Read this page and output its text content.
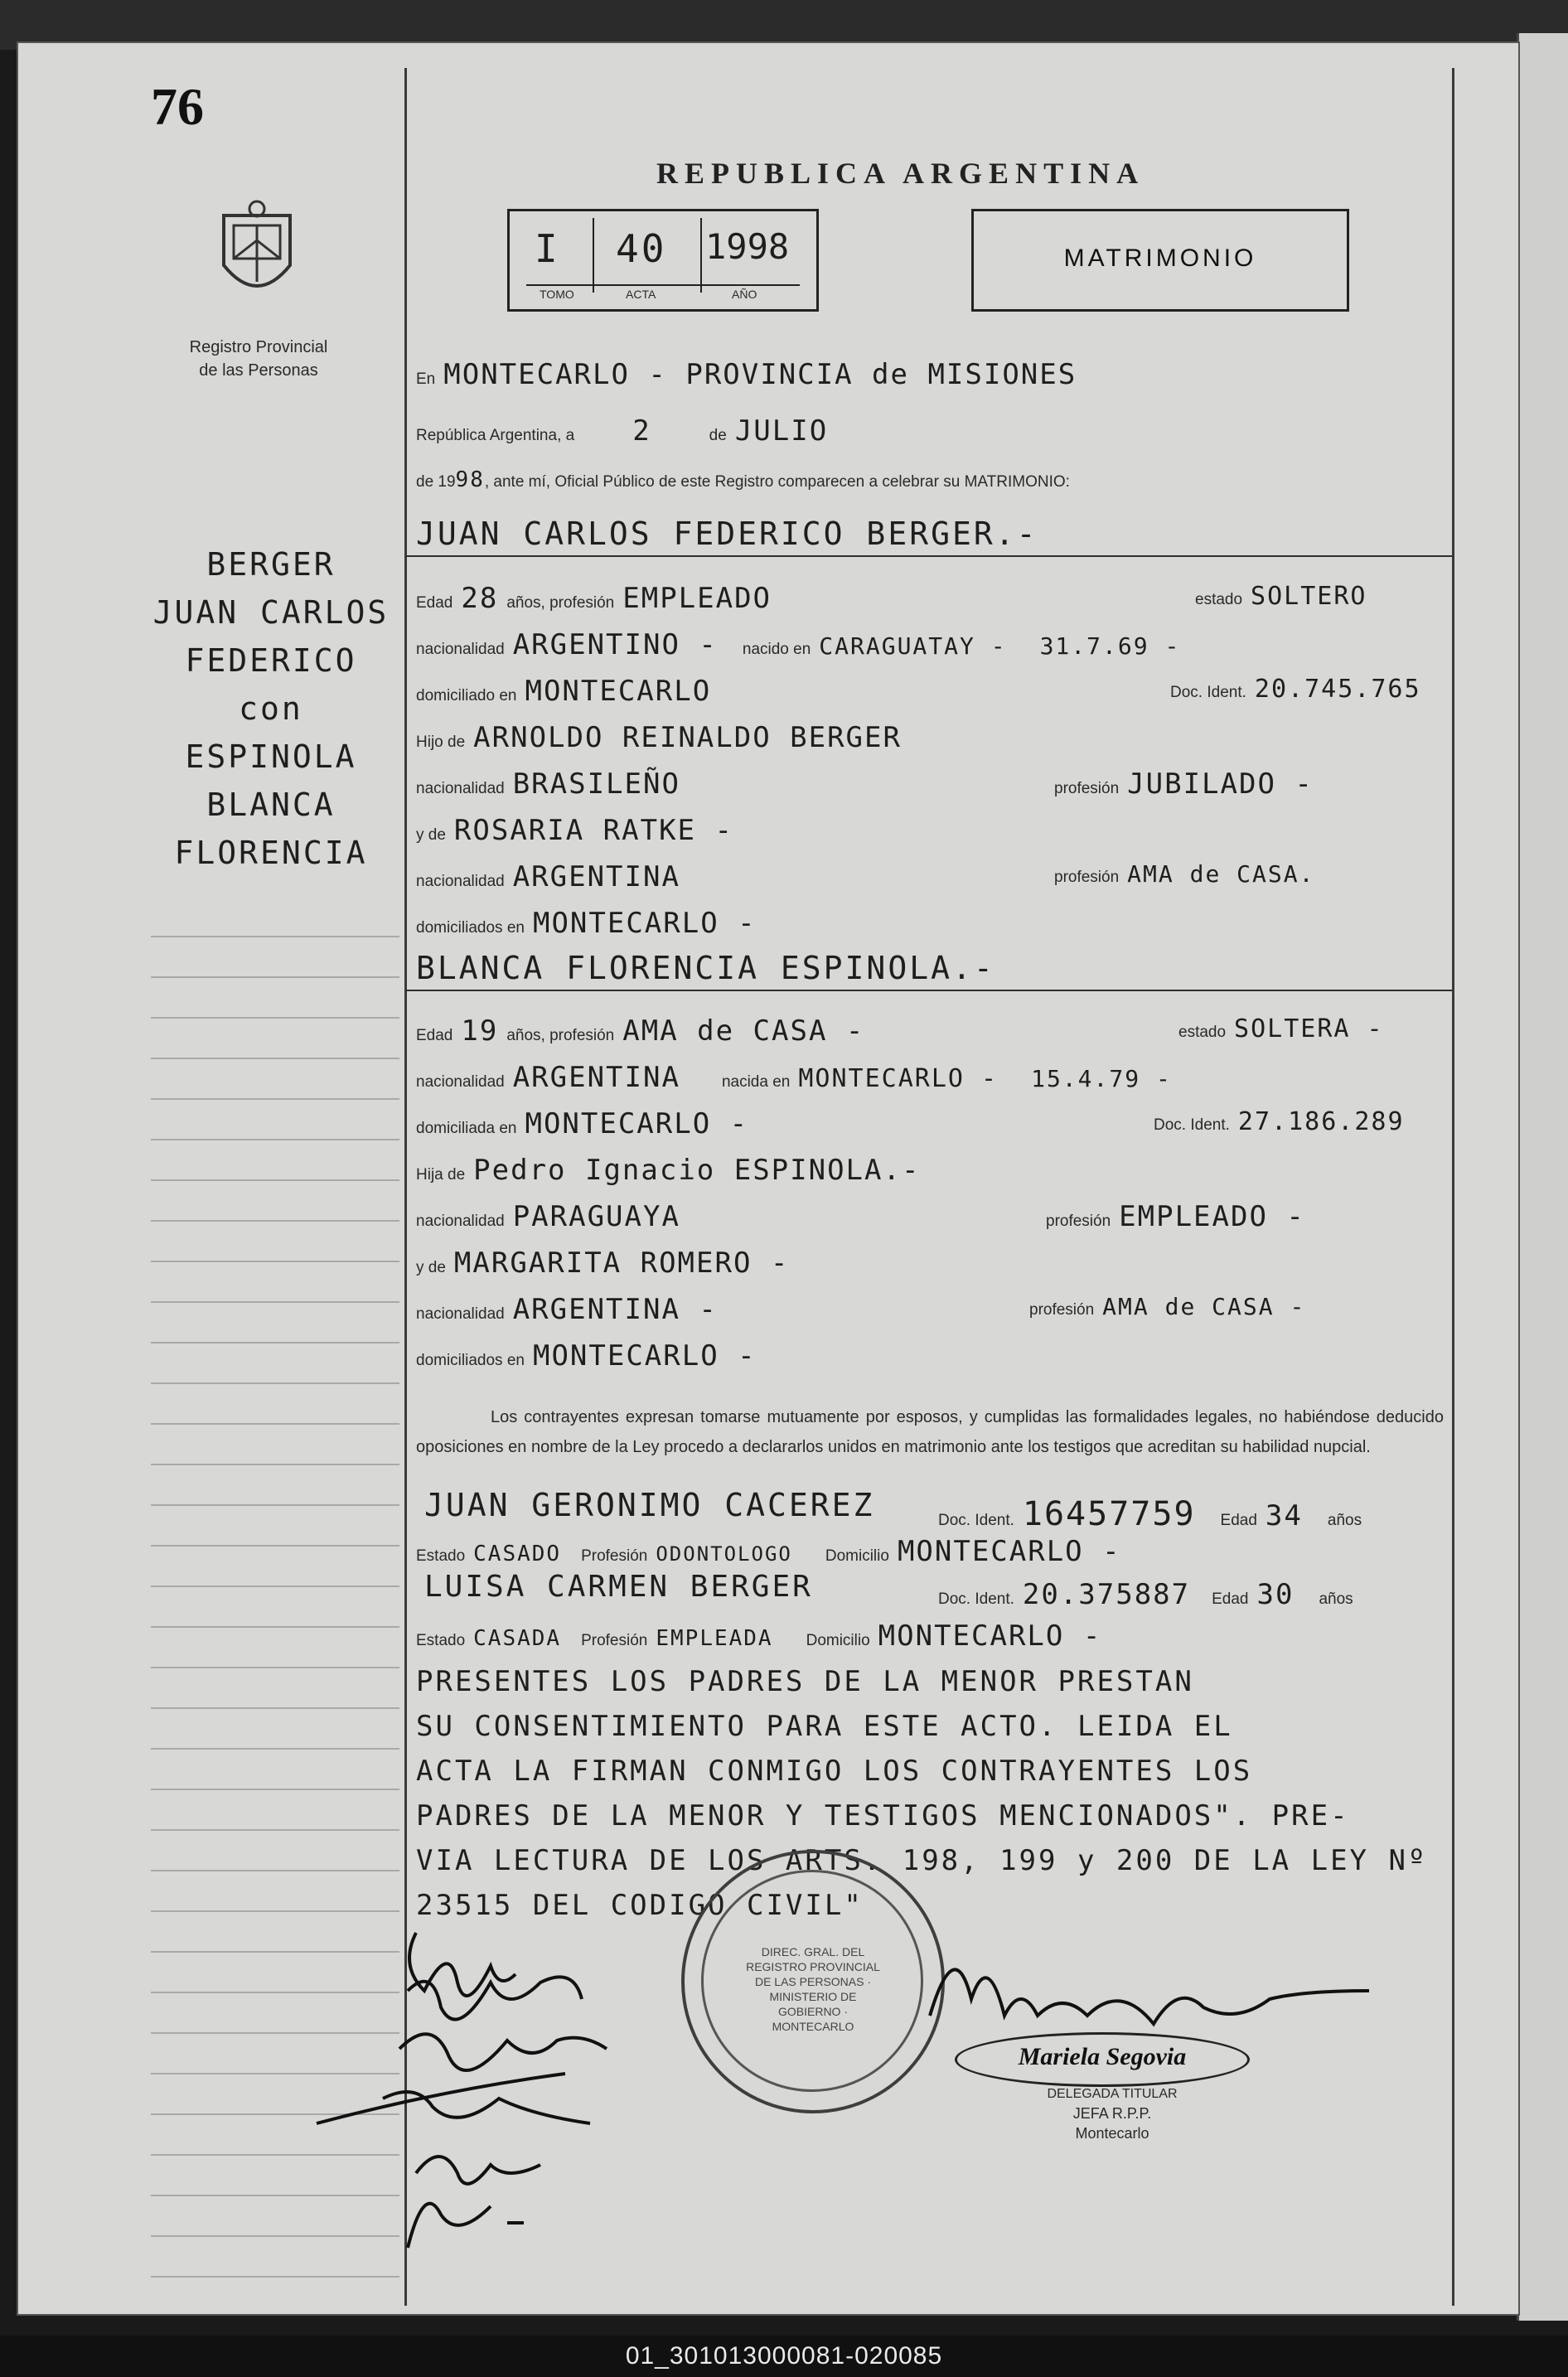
76
Registro Provincial
de las Personas
REPUBLICA ARGENTINA
I 40 1998
TOMO	ACTA	AÑO
MATRIMONIO
BERGER
JUAN CARLOS
FEDERICO
con
ESPINOLA
BLANCA
FLORENCIA
En MONTECARLO - PROVINCIA de MISIONES
República Argentina, a 2	de JULIO
de 19 98 , ante mí, Oficial Público de este Registro comparecen a celebrar su MATRIMONIO:
JUAN CARLOS FEDERICO BERGER.-
Edad 28 años, profesión EMPLEADO	estado SOLTERO
nacionalidad ARGENTINO - nacido en CARAGUATAY - 31.7.69 -
domiciliado en MONTECARLO	Doc. Ident. 20.745.765
Hijo de ARNOLDO REINALDO BERGER
nacionalidad BRASILEÑO	profesión JUBILADO -
y de ROSARIA RATKE -
nacionalidad ARGENTINA	profesión AMA de CASA.
domiciliados en MONTECARLO -
BLANCA FLORENCIA ESPINOLA.-
Edad 19 años, profesión AMA de CASA -	estado SOLTERA -
nacionalidad ARGENTINA	nacida en MONTECARLO - 15.4.79 -
domiciliada en MONTECARLO -	Doc. Ident. 27.186.289
Hija de Pedro Ignacio ESPINOLA.-
nacionalidad PARAGUAYA	profesión EMPLEADO -
y de MARGARITA ROMERO -
nacionalidad ARGENTINA -	profesión AMA de CASA -
domiciliados en MONTECARLO -
Los contrayentes expresan tomarse mutuamente por esposos, y cumplidas las formalidades legales, no habiéndose deducido oposiciones en nombre de la Ley procedo a declararlos unidos en matrimonio ante los testigos que acreditan su habilidad nupcial.
JUAN GERONIMO CACEREZ	Doc. Ident. 16457759 Edad 34 años
Estado CASADO Profesión ODONTOLOGO Domicilio MONTECARLO -
LUISA CARMEN BERGER	Doc. Ident. 20.375887 Edad 30 años
Estado CASADA Profesión EMPLEADA Domicilio MONTECARLO -
PRESENTES LOS PADRES DE LA MENOR PRESTAN
SU CONSENTIMIENTO PARA ESTE ACTO. LEIDA EL
ACTA LA FIRMAN CONMIGO LOS CONTRAYENTES LOS
PADRES DE LA MENOR Y TESTIGOS MENCIONADOS". PRE-
VIA LECTURA DE LOS ARTS. 198, 199 y 200 DE LA LEY Nº
23515 DEL CODIGO CIVIL"
DIREC. GRAL. DEL REGISTRO PROVINCIAL DE LAS PERSONAS · MINISTERIO DE GOBIERNO · MONTECARLO
Mariela Segovia
DELEGADA TITULAR
JEFA R.P.P.
Montecarlo
01_301013000081-020085
